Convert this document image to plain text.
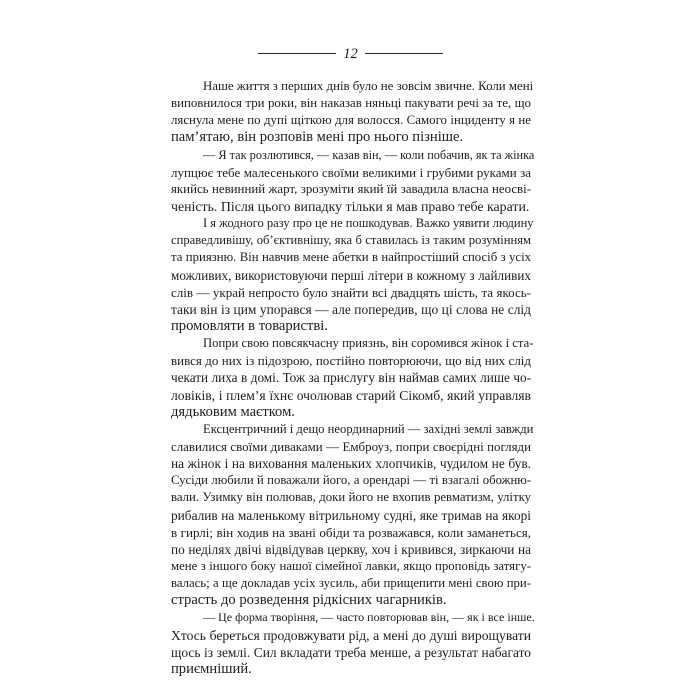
12

Наше життя з перших днів було не зовсім звичне. Коли мені
виповнилося три роки, він наказав няньці пакувати речі за те, що
ляснула мене по дупі щіткою для волосся. Самого інциденту я не
пам’ятаю, він розповів мені про нього пізніше.

— Я так розлютився, — казав він, — коли побачив, як та жінка
лупцює тебе малесенького своїми великими і грубими руками за
якийсь невинний жарт, зрозуміти який їй завадила власна неосві-
ченість. Після цього випадку тільки я мав право тебе карати.

І я жодного разу про це не пошкодував. Важко уявити людину
справедливішу, об’єктивнішу, яка б ставилась із таким розумінням
та приязню. Він навчив мене абетки в найпростіший спосіб з усіх
можливих, використовуючи перші літери в кожному з лайливих
слів — украй непросто було знайти всі двадцять шість, та якось-
таки він із цим упорався — але попередив, що ці слова не слід
промовляти в товаристві.

Попри свою повсякчасну приязнь, він соромився жінок і ста-
вився до них із підозрою, постійно повторюючи, що від них слід
чекати лиха в домі. Тож за прислугу він наймав самих лише чо-
ловіків, і плем’я їхнє очолював старий Сікомб, який управляв
дядьковим маєтком.

Ексцентричний і дещо неординарний — західні землі завжди
славилися своїми диваками — Емброуз, попри своєрідні погляди
на жінок і на виховання маленьких хлопчиків, чудилом не був.
Сусіди любили й поважали його, а орендарі — ті взагалі обожню-
вали. Узимку він полював, доки його не вхопив ревматизм, улітку
рибалив на маленькому вітрильному судні, яке тримав на якорі
в гирлі; він ходив на звані обіди та розважався, коли заманеться,
по неділях двічі відвідував церкву, хоч і кривився, зиркаючи на
мене з іншого боку нашої сімейної лавки, якщо проповідь затягу-
валась; а ще докладав усіх зусиль, аби прищепити мені свою при-
страсть до розведення рідкісних чагарників.

— Це форма творіння, — часто повторював він, — як і все інше.
Хтось береться продовжувати рід, а мені до душі вирощувати
щось із землі. Сил вкладати треба менше, а результат набагато
приємніший.
